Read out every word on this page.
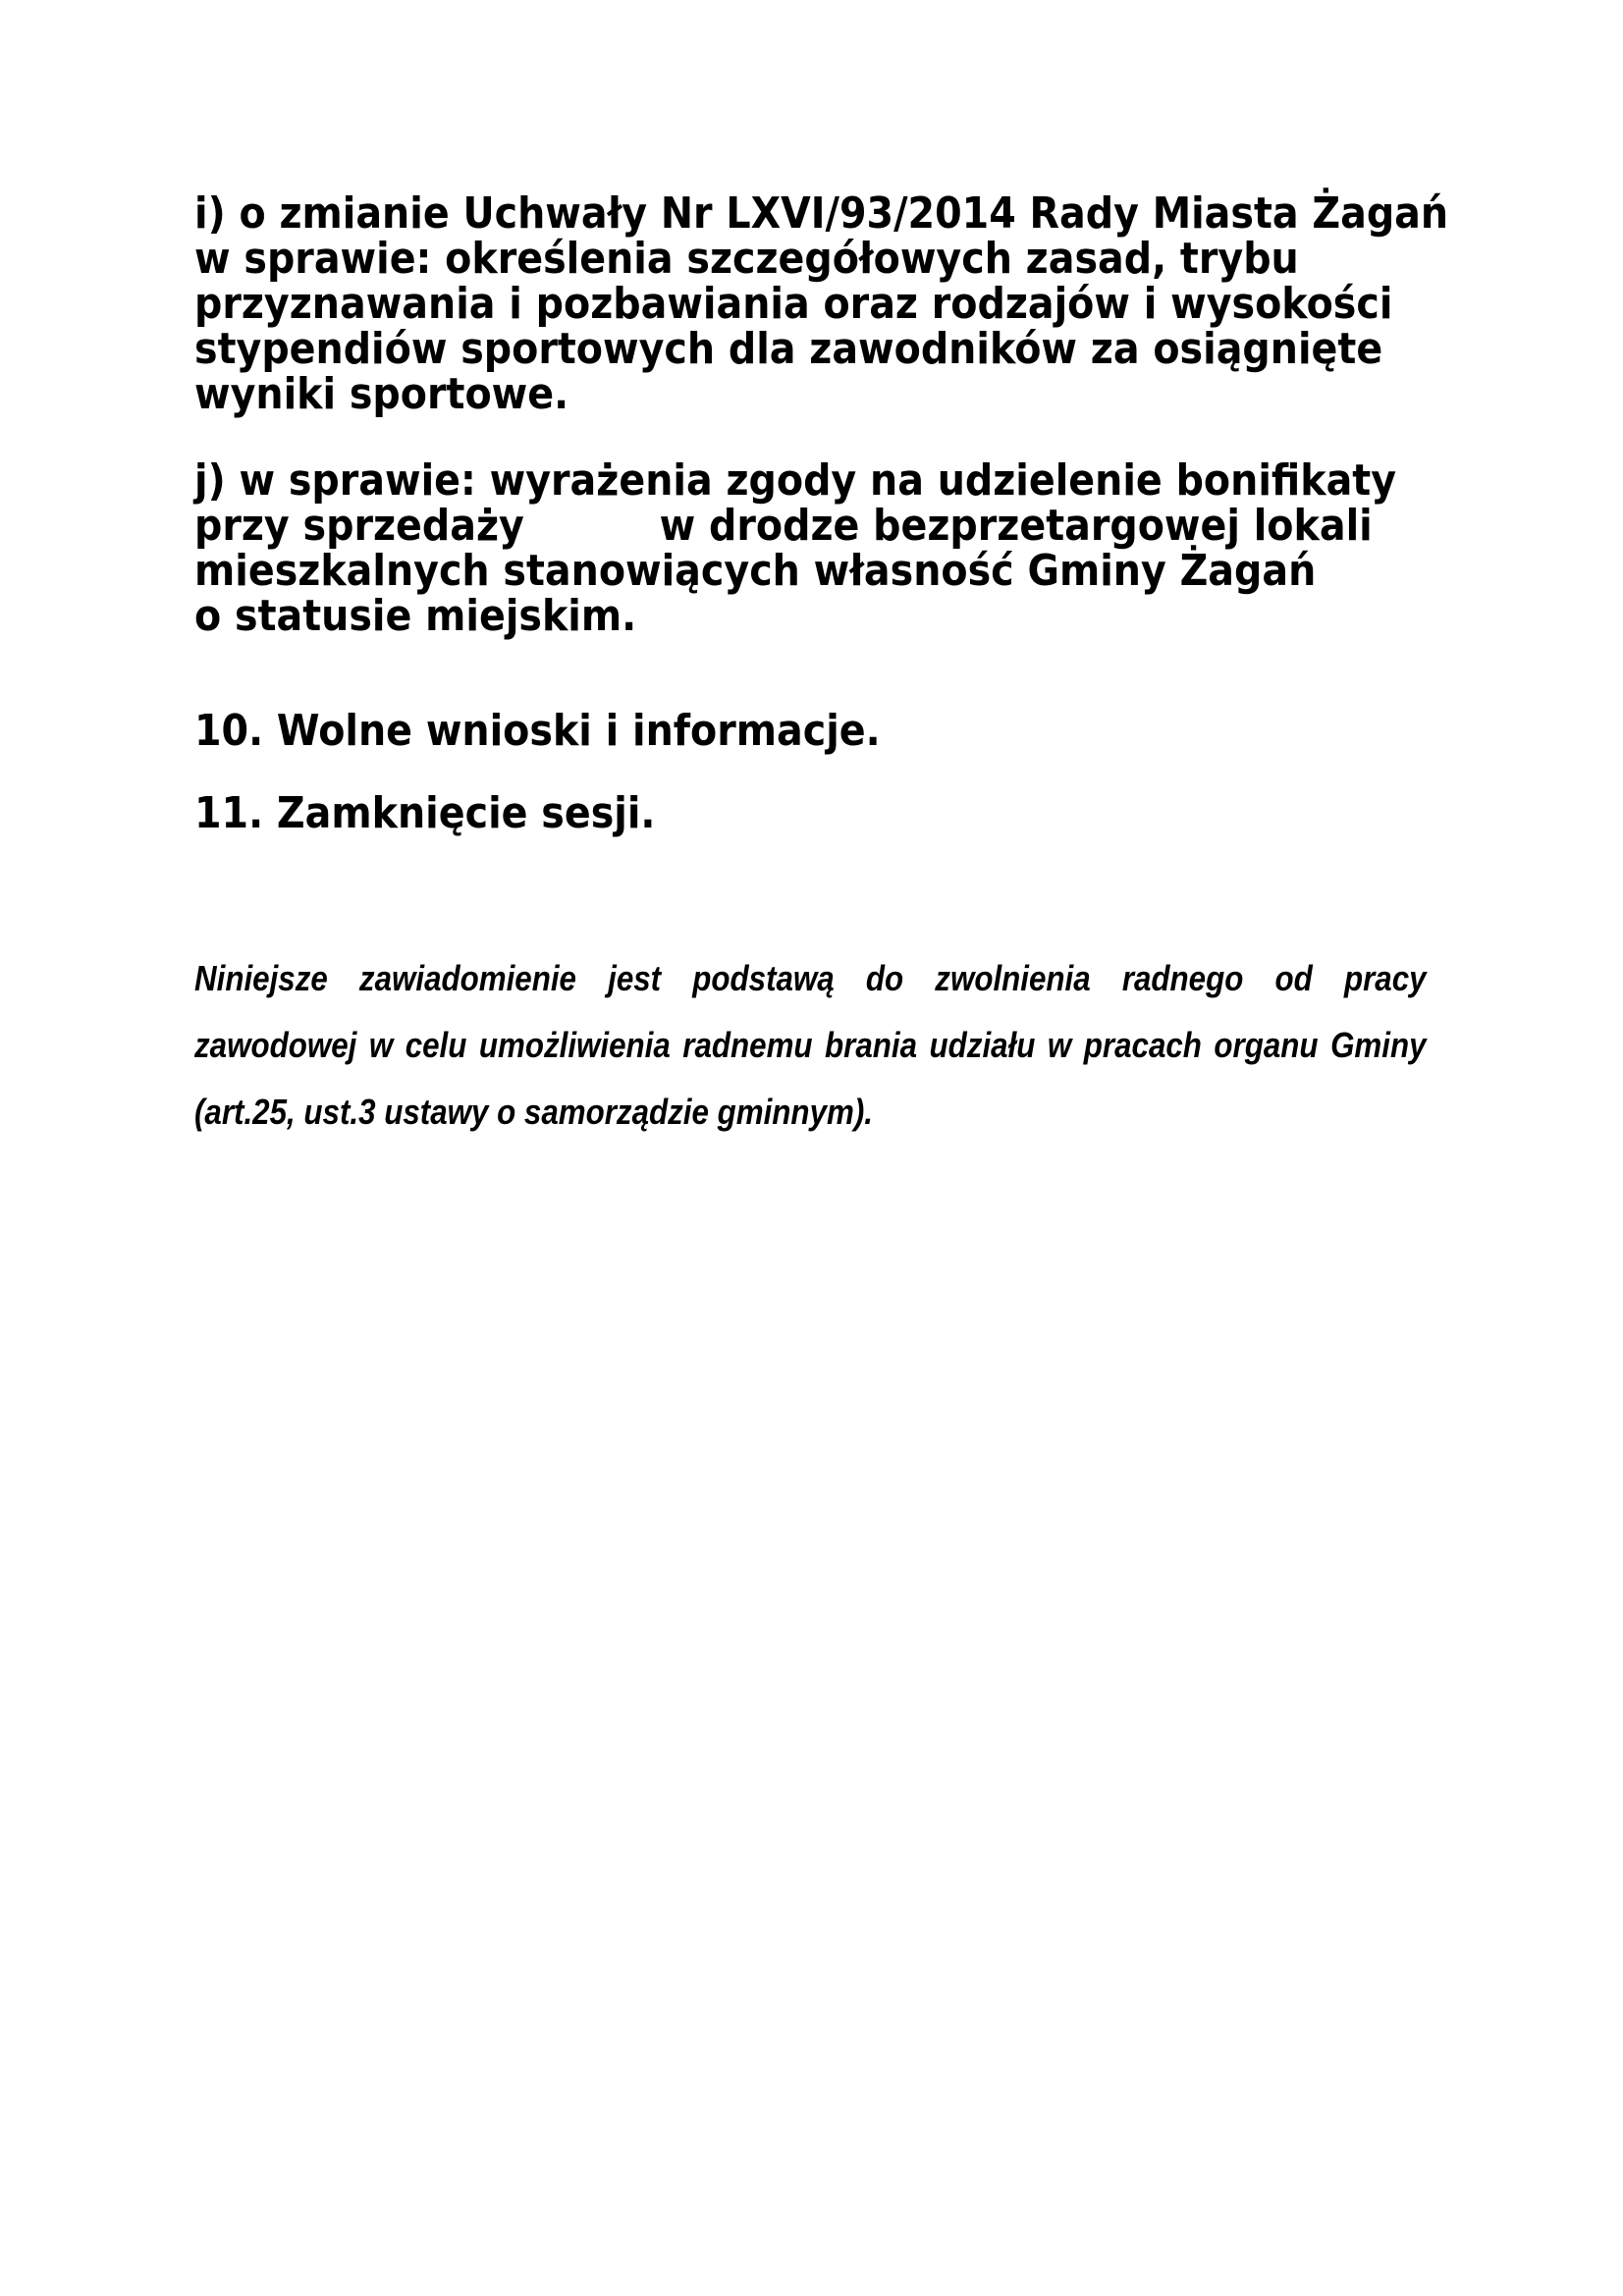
i) o zmianie Uchwały Nr LXVI/93/2014 Rady Miasta Żagań
w sprawie: określenia szczegółowych zasad, trybu
przyznawania i pozbawiania oraz rodzajów i wysokości
stypendiów sportowych dla zawodników za osiągnięte
wyniki sportowe.
j) w sprawie: wyrażenia zgody na udzielenie bonifikaty
przy sprzedaży          w drodze bezprzetargowej lokali
mieszkalnych stanowiących własność Gminy Żagań
o statusie miejskim.
10. Wolne wnioski i informacje.
11. Zamknięcie sesji.
Niniejsze zawiadomienie jest podstawą do zwolnienia radnego od pracy
zawodowej w celu umożliwienia radnemu brania udziału w pracach organu Gminy
(art.25, ust.3 ustawy o samorządzie gminnym).
